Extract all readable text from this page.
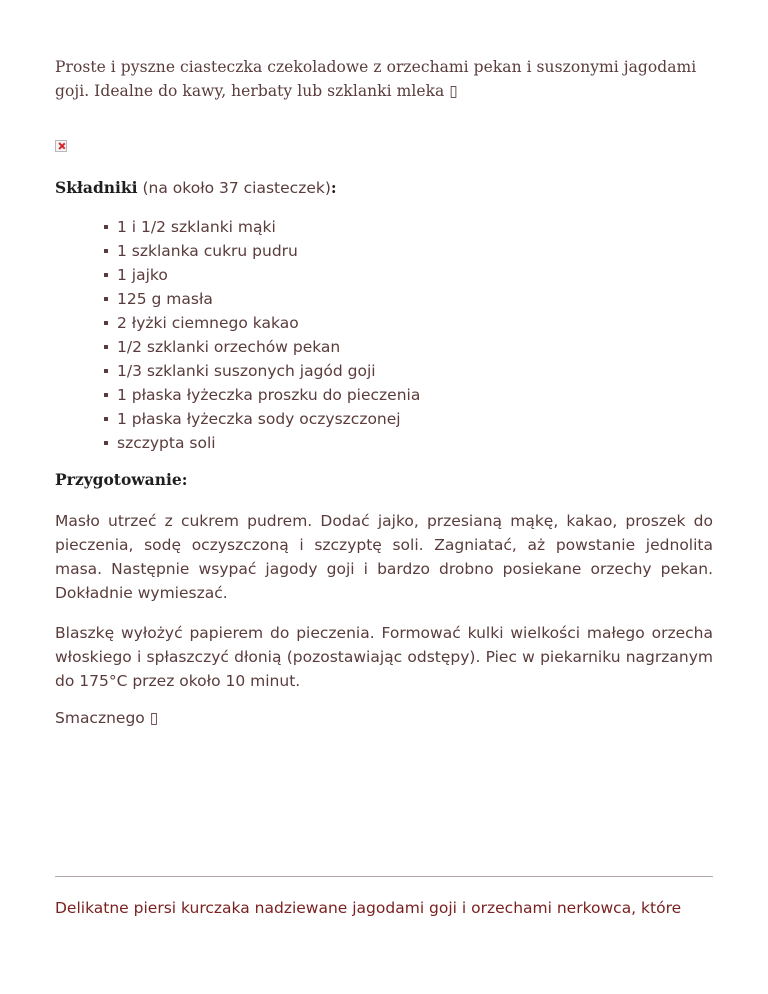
Proste i pyszne ciasteczka czekoladowe z orzechami pekan i suszonymi jagodami goji. Idealne do kawy, herbaty lub szklanki mleka ▯

Składniki (na około 37 ciasteczek):

1 i 1/2 szklanki mąki
1 szklanka cukru pudru
1 jajko
125 g masła
2 łyżki ciemnego kakao
1/2 szklanki orzechów pekan
1/3 szklanki suszonych jagód goji
1 płaska łyżeczka proszku do pieczenia
1 płaska łyżeczka sody oczyszczonej
szczypta soli

Przygotowanie:

Masło utrzeć z cukrem pudrem. Dodać jajko, przesianą mąkę, kakao, proszek do pieczenia, sodę oczyszczoną i szczyptę soli. Zagniatać, aż powstanie jednolita masa. Następnie wsypać jagody goji i bardzo drobno posiekane orzechy pekan. Dokładnie wymieszać.

Blaszkę wyłożyć papierem do pieczenia. Formować kulki wielkości małego orzecha włoskiego i spłaszczyć dłonią (pozostawiając odstępy). Piec w piekarniku nagrzanym do 175°C przez około 10 minut.

Smacznego ▯

Delikatne piersi kurczaka nadziewane jagodami goji i orzechami nerkowca, które
